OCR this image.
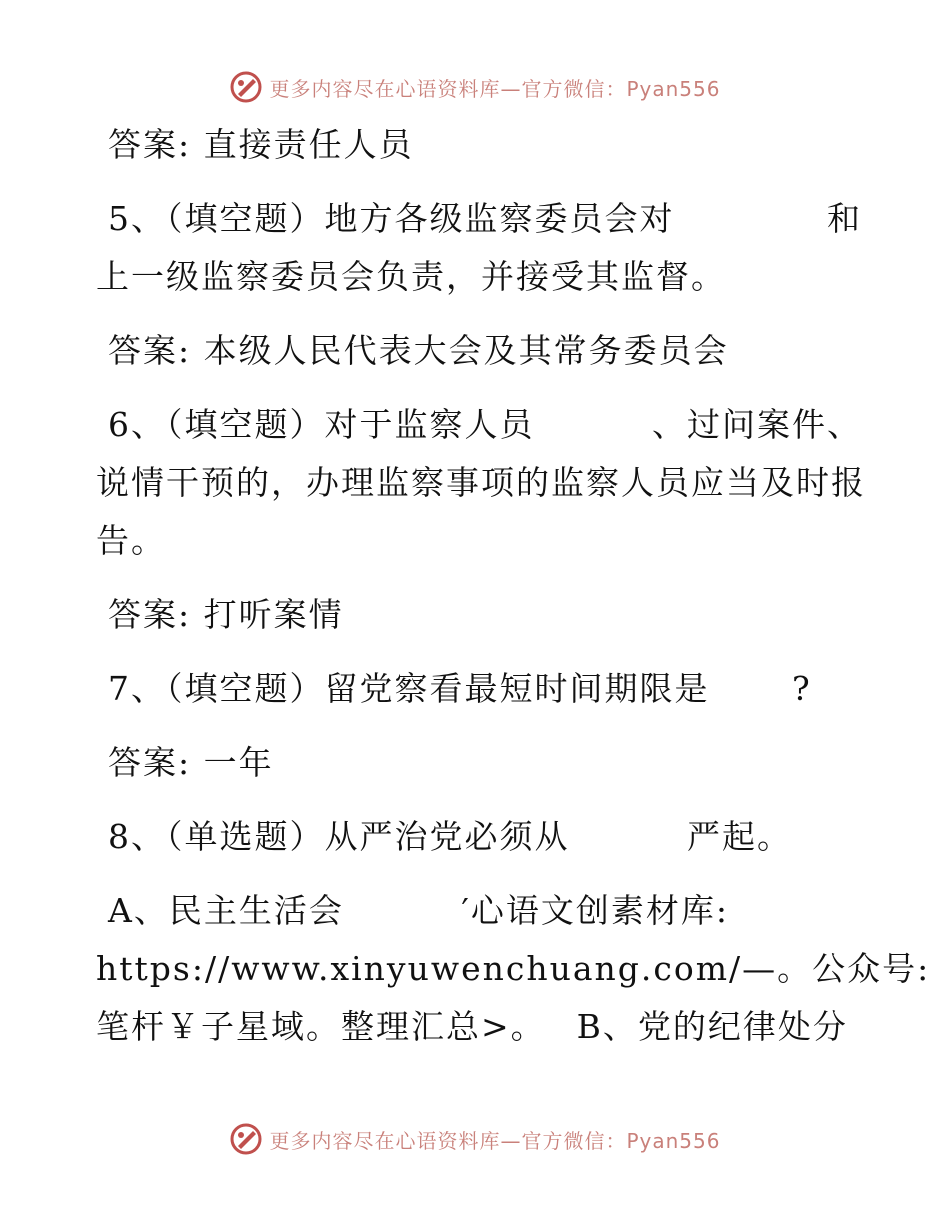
更多内容尽在心语资料库—官方微信：Pyan556
答案: 直接责任人员
5、（填空题）地方各级监察委员会对　　　　 和
上一级监察委员会负责，并接受其监督。
答案: 本级人民代表大会及其常务委员会
6、（填空题）对于监察人员　　　 、过问案件、
说情干预的，办理监察事项的监察人员应当及时报
告。
答案: 打听案情
7、（填空题）留党察看最短时间期限是　　 ?
答案: 一年
8、（单选题）从严治党必须从　　　 严起。
A、民主生活会　　　 ′心语文创素材库:
https://www.xinyuwenchuang.com/—。公众号:
笔杆￥子星域。整理汇总>。　 B、党的纪律处分
更多内容尽在心语资料库—官方微信：Pyan556
